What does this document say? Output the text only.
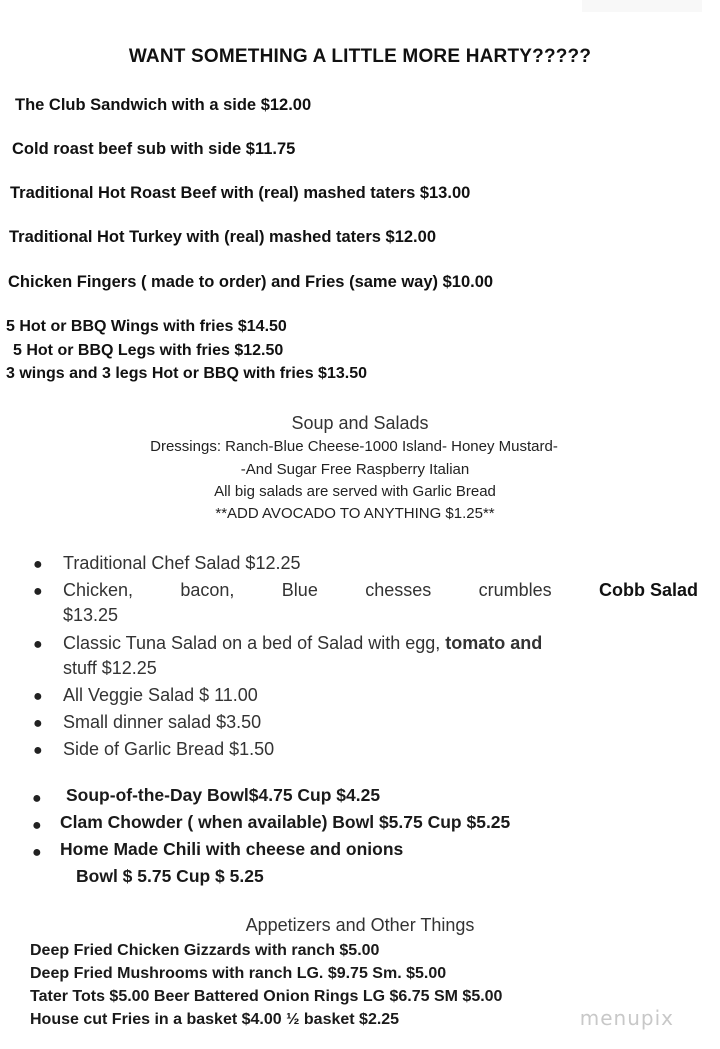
WANT SOMETHING A LITTLE MORE HARTY?????
The Club Sandwich with a side $12.00
Cold roast beef sub with side $11.75
Traditional Hot Roast Beef with (real) mashed taters $13.00
Traditional Hot Turkey with (real) mashed taters $12.00
Chicken Fingers ( made to order) and Fries (same way) $10.00
5 Hot or BBQ Wings with fries $14.50
5 Hot or BBQ Legs with fries $12.50
3 wings and 3 legs Hot or BBQ with fries $13.50
Soup and Salads
Dressings: Ranch-Blue Cheese-1000 Island- Honey Mustard-
-And Sugar Free Raspberry Italian
All big salads are served with Garlic Bread
**ADD AVOCADO TO ANYTHING $1.25**
● Traditional Chef Salad $12.25
● Chicken,	bacon,	Blue	chesses	crumbles	Cobb Salad
$13.25
● Classic Tuna Salad on a bed of Salad with egg, tomato and
stuff $12.25
● All Veggie Salad $ 11.00
● Small dinner salad $3.50
● Side of Garlic Bread $1.50
● Soup-of-the-Day Bowl$4.75 Cup $4.25
● Clam Chowder ( when available) Bowl $5.75 Cup $5.25
● Home Made Chili with cheese and onions
Bowl $ 5.75 Cup $ 5.25
Appetizers and Other Things
Deep Fried Chicken Gizzards with ranch $5.00
Deep Fried Mushrooms with ranch LG. $9.75 Sm. $5.00
Tater Tots $5.00 Beer Battered Onion Rings LG $6.75 SM $5.00
House cut Fries in a basket $4.00 ½ basket $2.25	menupix
